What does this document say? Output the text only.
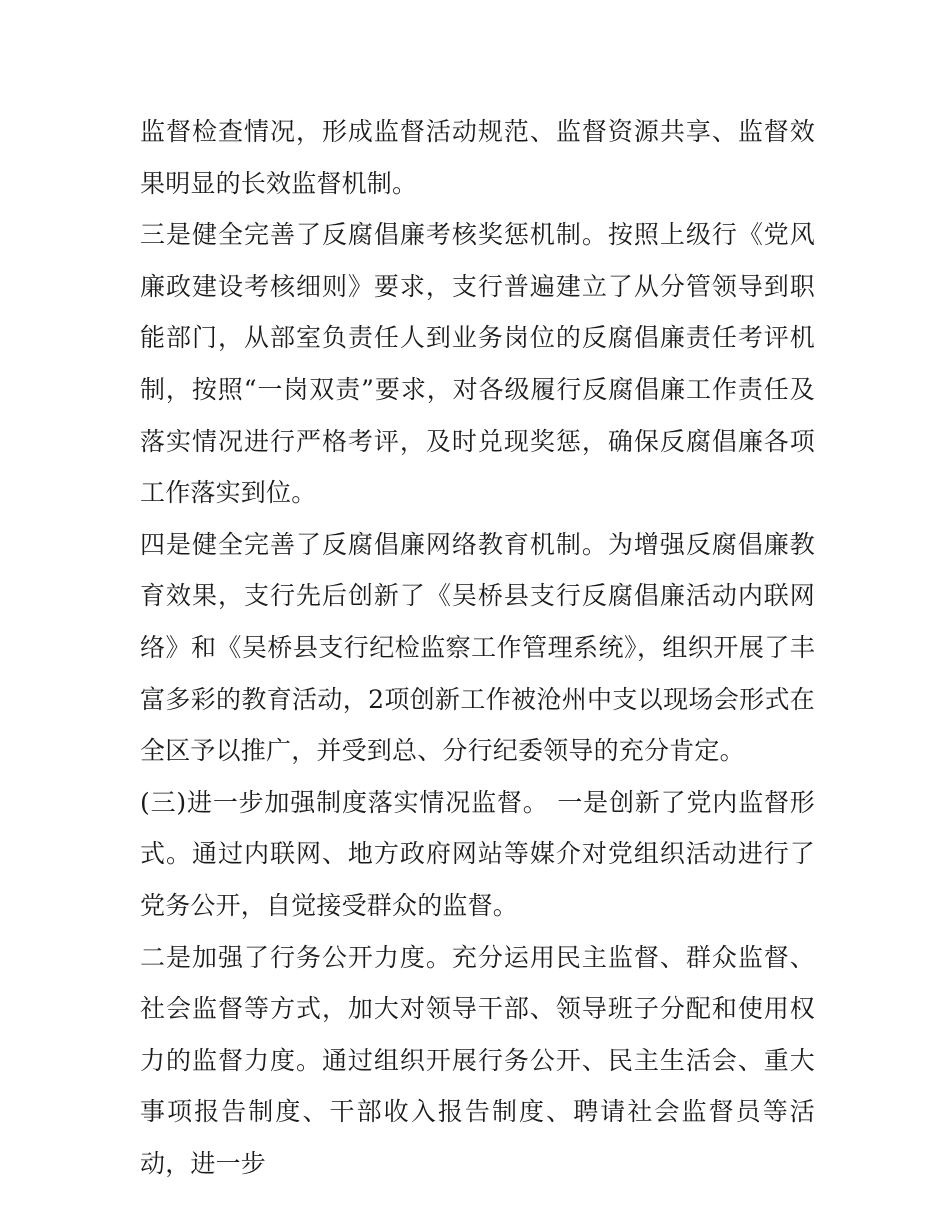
监督检查情况，形成监督活动规范、监督资源共享、监督效果明显的长效监督机制。

三是健全完善了反腐倡廉考核奖惩机制。按照上级行《党风廉政建设考核细则》要求，支行普遍建立了从分管领导到职能部门，从部室负责任人到业务岗位的反腐倡廉责任考评机制，按照“一岗双责”要求，对各级履行反腐倡廉工作责任及落实情况进行严格考评，及时兑现奖惩，确保反腐倡廉各项工作落实到位。

四是健全完善了反腐倡廉网络教育机制。为增强反腐倡廉教育效果，支行先后创新了《吴桥县支行反腐倡廉活动内联网络》和《吴桥县支行纪检监察工作管理系统》，组织开展了丰富多彩的教育活动，2项创新工作被沧州中支以现场会形式在全区予以推广，并受到总、分行纪委领导的充分肯定。

(三)进一步加强制度落实情况监督。 一是创新了党内监督形式。通过内联网、地方政府网站等媒介对党组织活动进行了党务公开，自觉接受群众的监督。

二是加强了行务公开力度。充分运用民主监督、群众监督、社会监督等方式，加大对领导干部、领导班子分配和使用权力的监督力度。通过组织开展行务公开、民主生活会、重大事项报告制度、干部收入报告制度、聘请社会监督员等活动，进一步
